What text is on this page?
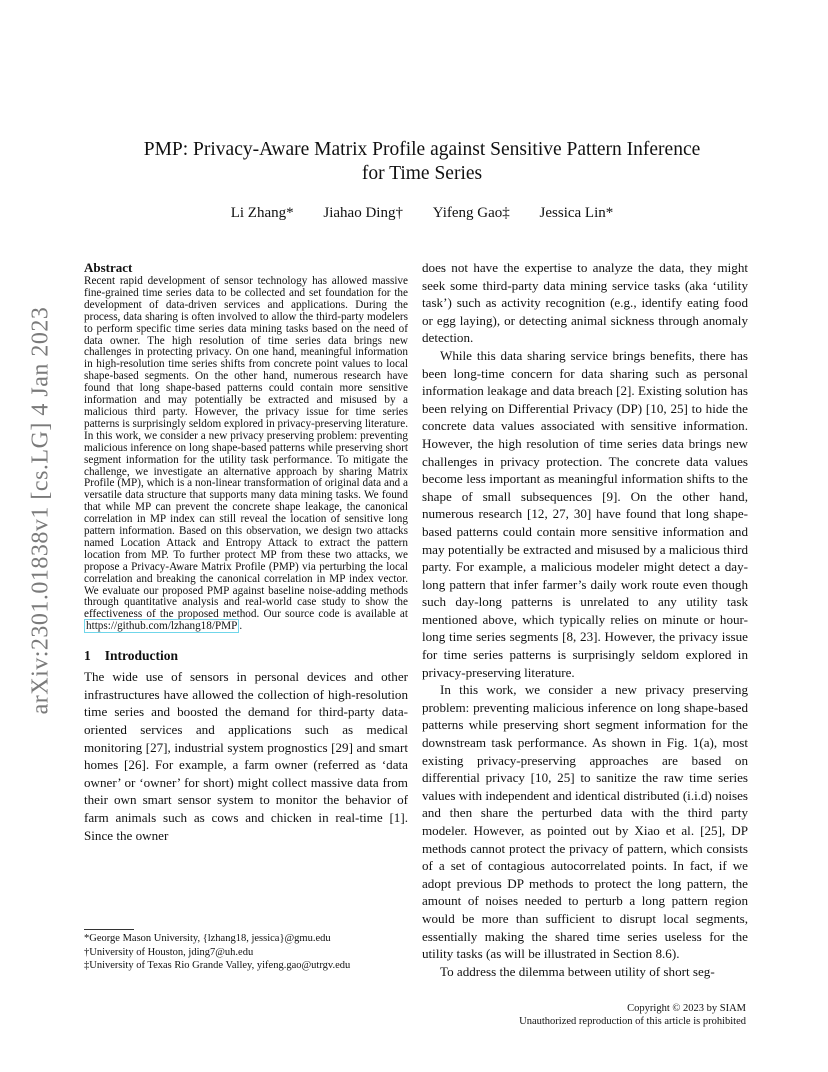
arXiv:2301.01838v1 [cs.LG] 4 Jan 2023
PMP: Privacy-Aware Matrix Profile against Sensitive Pattern Inference
for Time Series
Li Zhang* Jiahao Ding† Yifeng Gao‡ Jessica Lin*
Abstract

Recent rapid development of sensor technology has allowed massive fine-grained time series data to be collected and set foundation for the development of data-driven services and applications. During the process, data sharing is often involved to allow the third-party modelers to perform specific time series data mining tasks based on the need of data owner. The high resolution of time series data brings new challenges in protecting privacy. On one hand, meaningful information in high-resolution time series shifts from concrete point values to local shape-based segments. On the other hand, numerous research have found that long shape-based patterns could contain more sensitive information and may potentially be extracted and misused by a malicious third party. However, the privacy issue for time series patterns is surprisingly seldom explored in privacy-preserving literature. In this work, we consider a new privacy preserving problem: preventing malicious inference on long shape-based patterns while preserving short segment information for the utility task performance. To mitigate the challenge, we investigate an alternative approach by sharing Matrix Profile (MP), which is a non-linear transformation of original data and a versatile data structure that supports many data mining tasks. We found that while MP can prevent the concrete shape leakage, the canonical correlation in MP index can still reveal the location of sensitive long pattern information. Based on this observation, we design two attacks named Location Attack and Entropy Attack to extract the pattern location from MP. To further protect MP from these two attacks, we propose a Privacy-Aware Matrix Profile (PMP) via perturbing the local correlation and breaking the canonical correlation in MP index vector. We evaluate our proposed PMP against baseline noise-adding methods through quantitative analysis and real-world case study to show the effectiveness of the proposed method. Our source code is available at https://github.com/lzhang18/PMP .

1 Introduction

The wide use of sensors in personal devices and other infrastructures have allowed the collection of high-resolution time series and boosted the demand for third-party data-oriented services and applications such as medical monitoring [27], industrial system prognostics [29] and smart homes [26]. For example, a farm owner (referred as ‘data owner’ or ‘owner’ for short) might collect massive data from their own smart sensor system to monitor the behavior of farm animals such as cows and chicken in real-time [1]. Since the owner

does not have the expertise to analyze the data, they might seek some third-party data mining service tasks (aka ‘utility task’) such as activity recognition (e.g., identify eating food or egg laying), or detecting animal sickness through anomaly detection.

While this data sharing service brings benefits, there has been long-time concern for data sharing such as personal information leakage and data breach [2]. Existing solution has been relying on Differential Privacy (DP) [10, 25] to hide the concrete data values associated with sensitive information. However, the high resolution of time series data brings new challenges in privacy protection. The concrete data values become less important as meaningful information shifts to the shape of small subsequences [9]. On the other hand, numerous research [12, 27, 30] have found that long shape-based patterns could contain more sensitive information and may potentially be extracted and misused by a malicious third party. For example, a malicious modeler might detect a day-long pattern that infer farmer’s daily work route even though such day-long patterns is unrelated to any utility task mentioned above, which typically relies on minute or hour-long time series segments [8, 23]. However, the privacy issue for time series patterns is surprisingly seldom explored in privacy-preserving literature.

In this work, we consider a new privacy preserving problem: preventing malicious inference on long shape-based patterns while preserving short segment information for the downstream task performance. As shown in Fig. 1(a), most existing privacy-preserving approaches are based on differential privacy [10, 25] to sanitize the raw time series values with independent and identical distributed (i.i.d) noises and then share the perturbed data with the third party modeler. However, as pointed out by Xiao et al. [25], DP methods cannot protect the privacy of pattern, which consists of a set of contagious autocorrelated points. In fact, if we adopt previous DP methods to protect the long pattern, the amount of noises needed to perturb a long pattern region would be more than sufficient to disrupt local segments, essentially making the shared time series useless for the utility tasks (as will be illustrated in Section 8.6).

To address the dilemma between utility of short seg-

*George Mason University, {lzhang18, jessica}@gmu.edu

†University of Houston, jding7@uh.edu

‡University of Texas Rio Grande Valley, yifeng.gao@utrgv.edu

Copyright © 2023 by SIAM
Unauthorized reproduction of this article is prohibited
